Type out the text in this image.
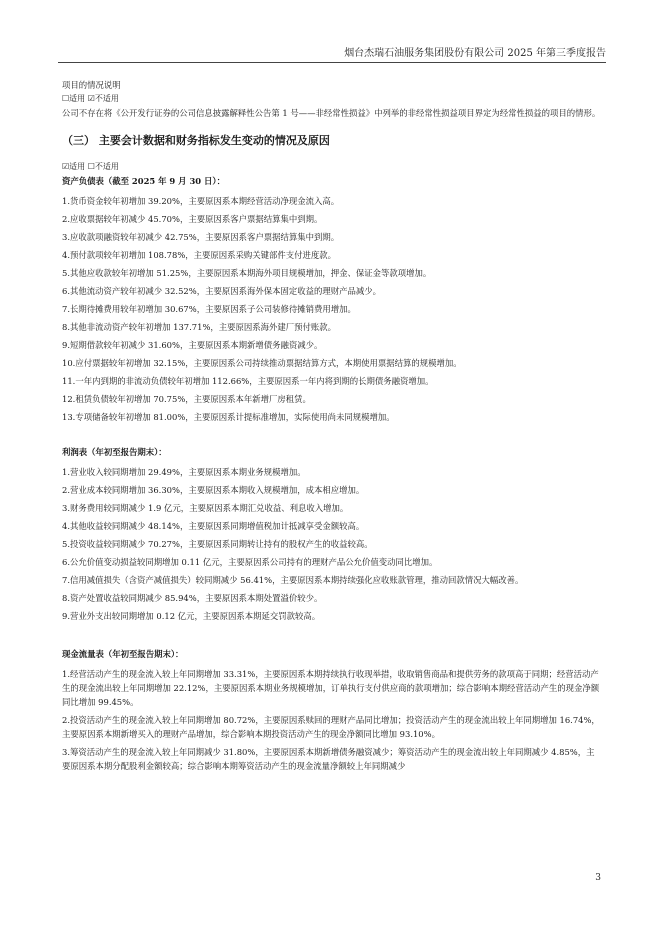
烟台杰瑞石油服务集团股份有限公司 2025 年第三季度报告

项目的情况说明

☐适用 ☑不适用

公司不存在将《公开发行证券的公司信息披露解释性公告第 1 号——非经常性损益》中列举的非经常性损益项目界定为经常性损益的项目的情形。

（三） 主要会计数据和财务指标发生变动的情况及原因

☑适用 ☐不适用

资产负债表（截至 2025 年 9 月 30 日）：

1.货币资金较年初增加 39.20%，主要原因系本期经营活动净现金流入高。

2.应收票据较年初减少 45.70%，主要原因系客户票据结算集中到期。

3.应收款项融资较年初减少 42.75%，主要原因系客户票据结算集中到期。

4.预付款项较年初增加 108.78%，主要原因系采购关键部件支付进度款。

5.其他应收款较年初增加 51.25%，主要原因系本期海外项目规模增加，押金、保证金等款项增加。

6.其他流动资产较年初减少 32.52%，主要原因系海外保本固定收益的理财产品减少。

7.长期待摊费用较年初增加 30.67%，主要原因系子公司装修待摊销费用增加。

8.其他非流动资产较年初增加 137.71%，主要原因系海外建厂预付账款。

9.短期借款较年初减少 31.60%，主要原因系本期新增债务融资减少。

10.应付票据较年初增加 32.15%，主要原因系公司持续推动票据结算方式，本期使用票据结算的规模增加。

11.一年内到期的非流动负债较年初增加 112.66%，主要原因系一年内将到期的长期债务融资增加。

12.租赁负债较年初增加 70.75%，主要原因系本年新增厂房租赁。

13.专项储备较年初增加 81.00%，主要原因系计提标准增加，实际使用尚未同规模增加。

利润表（年初至报告期末）：

1.营业收入较同期增加 29.49%，主要原因系本期业务规模增加。

2.营业成本较同期增加 36.30%，主要原因系本期收入规模增加，成本相应增加。

3.财务费用较同期减少 1.9 亿元，主要原因系本期汇兑收益、利息收入增加。

4.其他收益较同期减少 48.14%，主要原因系同期增值税加计抵减享受金额较高。

5.投资收益较同期减少 70.27%，主要原因系同期转让持有的股权产生的收益较高。

6.公允价值变动损益较同期增加 0.11 亿元，主要原因系公司持有的理财产品公允价值变动同比增加。

7.信用减值损失（含资产减值损失）较同期减少 56.41%，主要原因系本期持续强化应收账款管理，推动回款情况大幅改善。

8.资产处置收益较同期减少 85.94%，主要原因系本期处置溢价较少。

9.营业外支出较同期增加 0.12 亿元，主要原因系本期延交罚款较高。

现金流量表（年初至报告期末）：

1.经营活动产生的现金流入较上年同期增加 33.31%，主要原因系本期持续执行收现举措，收取销售商品和提供劳务的款项高于同期；经营活动产生的现金流出较上年同期增加 22.12%，主要原因系本期业务规模增加，订单执行支付供应商的款项增加；综合影响本期经营活动产生的现金净额同比增加 99.45%。

2.投资活动产生的现金流入较上年同期增加 80.72%，主要原因系赎回的理财产品同比增加；投资活动产生的现金流出较上年同期增加 16.74%，主要原因系本期新增买入的理财产品增加，综合影响本期投资活动产生的现金净额同比增加 93.10%。

3.筹资活动产生的现金流入较上年同期减少 31.80%，主要原因系本期新增债务融资减少；筹资活动产生的现金流出较上年同期减少 4.85%，主要原因系本期分配股利金额较高；综合影响本期筹资活动产生的现金流量净额较上年同期减少

3
